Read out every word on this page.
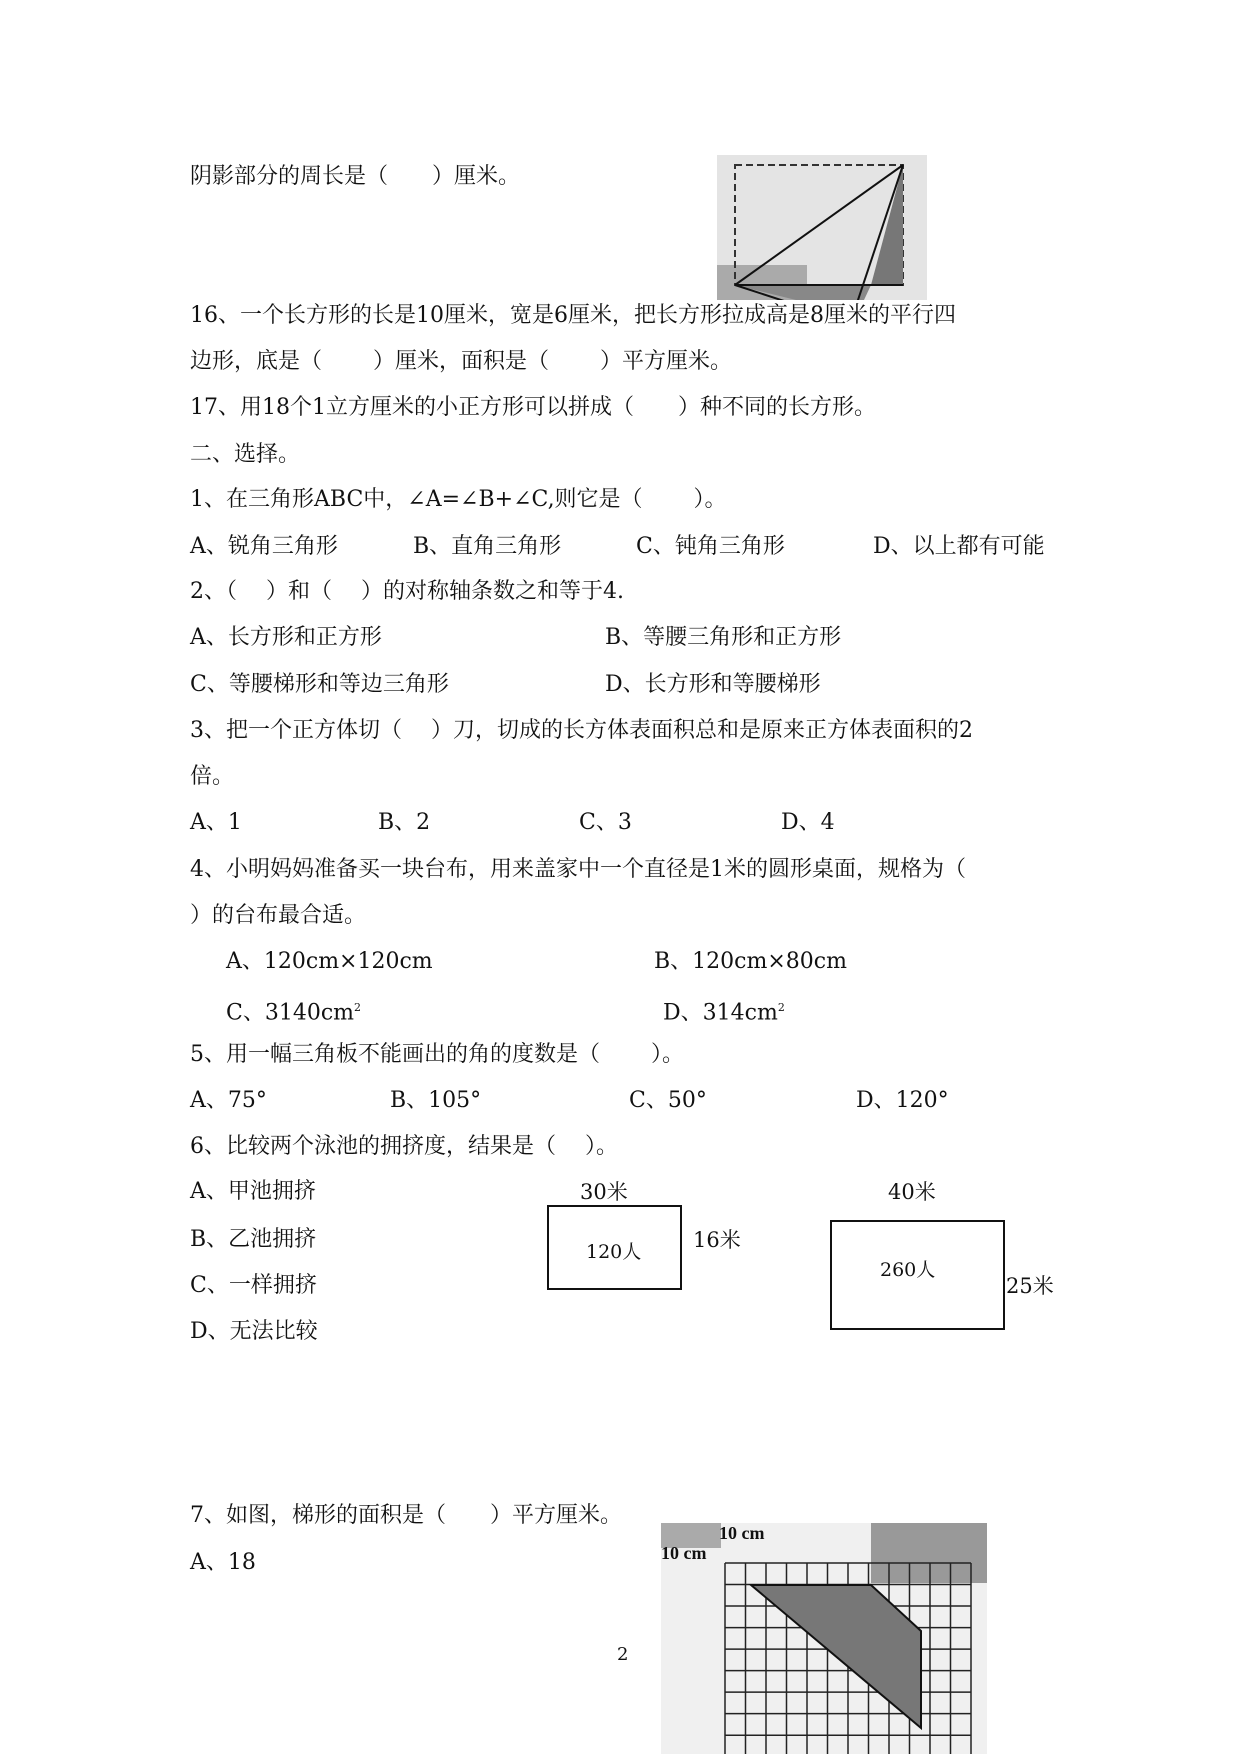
阴影部分的周长是（　　）厘米。
16、一个长方形的长是10厘米，宽是6厘米，把长方形拉成高是8厘米的平行四
边形，底是（　　 ）厘米，面积是（　　 ）平方厘米。
17、用18个1立方厘米的小正方形可以拼成（　　）种不同的长方形。
二、选择。
1、在三角形ABC中，∠A=∠B+∠C,则它是（　　 ）。
A、锐角三角形	B、直角三角形	C、钝角三角形	D、以上都有可能
2、（　 ）和（　 ）的对称轴条数之和等于4.
A、长方形和正方形	B、等腰三角形和正方形
C、等腰梯形和等边三角形	D、长方形和等腰梯形
3、把一个正方体切（　 ）刀，切成的长方体表面积总和是原来正方体表面积的2
倍。
A、1	B、2	C、3	D、4
4、小明妈妈准备买一块台布，用来盖家中一个直径是1米的圆形桌面，规格为（
）的台布最合适。
A、120cm×120cm	B、120cm×80cm
C、$3140cm^2$	D、$314cm^2$
5、用一幅三角板不能画出的角的度数是（　　 ）。
A、75°	B、105°	C、50°	D、120°
6、比较两个泳池的拥挤度，结果是（　 ）。
A、甲池拥挤
B、乙池拥挤
C、一样拥挤
D、无法比较
30米
120人 16米
40米
260人
25米
7、如图，梯形的面积是（　　）平方厘米。
A、18
10 cm
10 cm
2
